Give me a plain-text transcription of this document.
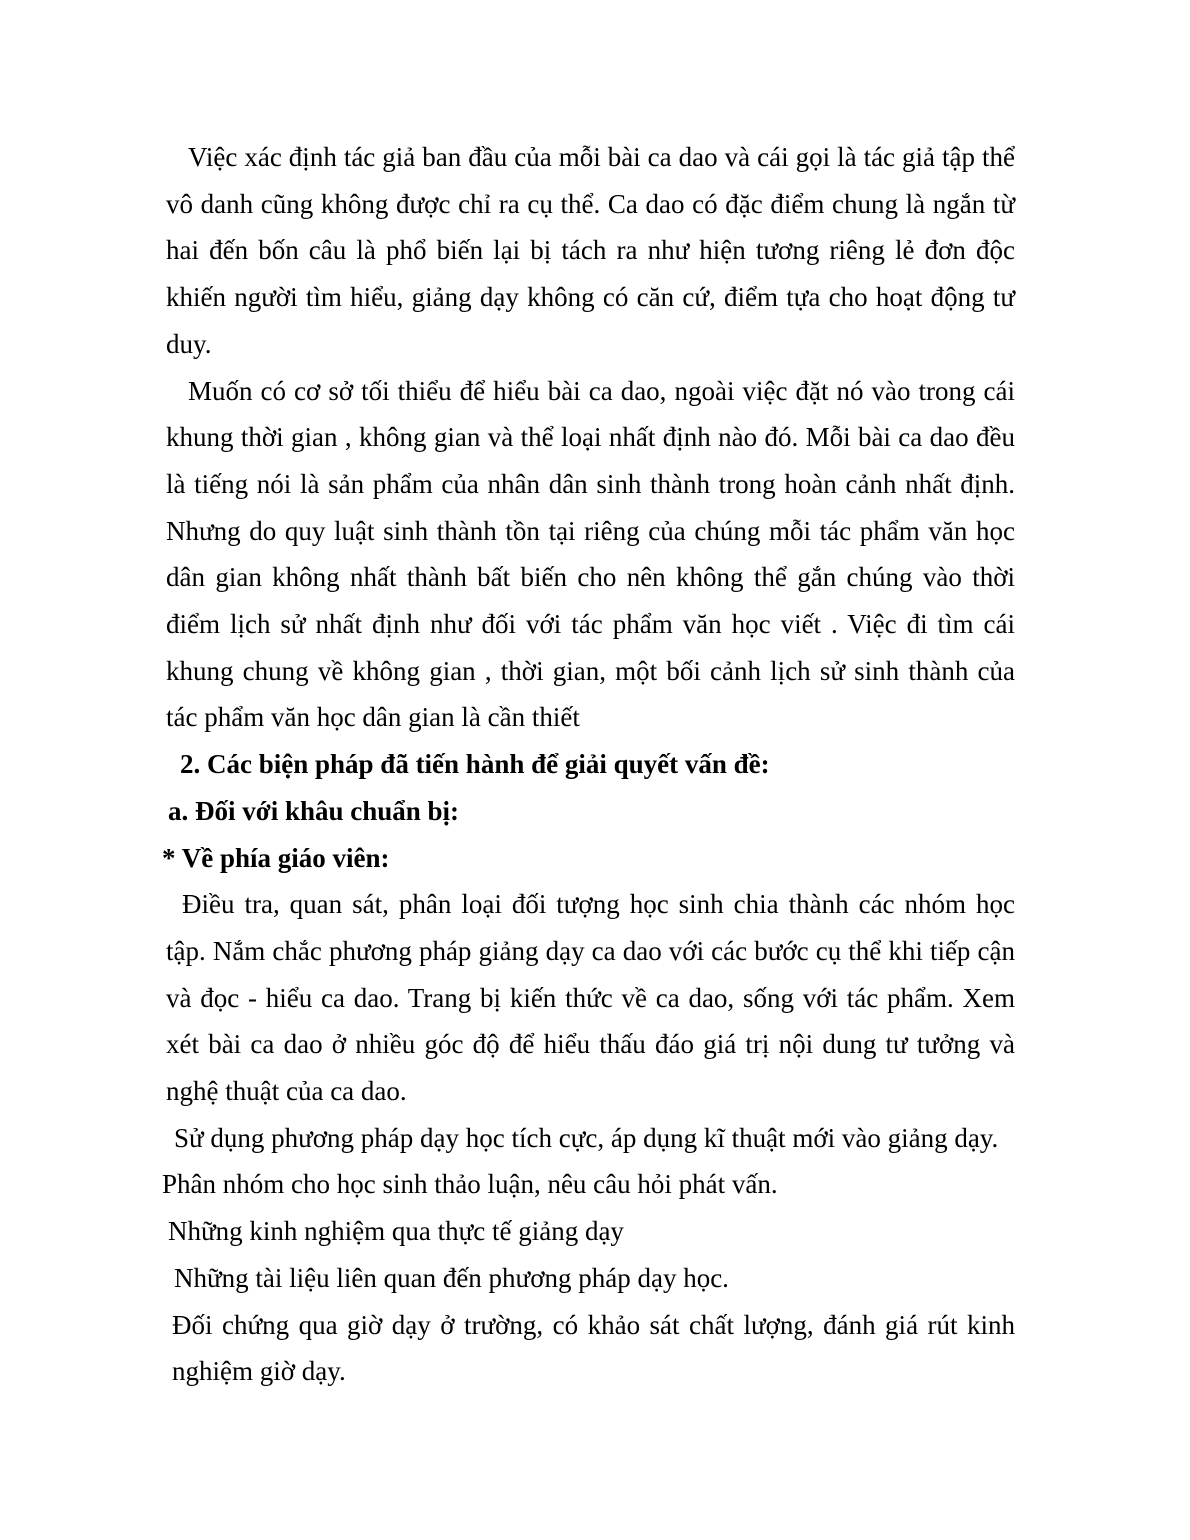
Việc xác định tác giả ban đầu của mỗi bài ca dao và cái gọi là tác giả tập thể vô danh cũng không được chỉ ra cụ thể. Ca dao có đặc điểm chung là ngắn từ hai đến bốn câu là phổ biến lại bị tách ra như hiện tương riêng lẻ đơn độc khiến người tìm hiểu, giảng dạy không có căn cứ, điểm tựa cho hoạt động tư duy.

Muốn có cơ sở tối thiểu để hiểu bài ca dao, ngoài việc đặt nó vào trong cái khung thời gian , không gian và thể loại nhất định nào đó. Mỗi bài ca dao đều là tiếng nói là sản phẩm của nhân dân sinh thành trong hoàn cảnh nhất định. Nhưng do quy luật sinh thành tồn tại riêng của chúng mỗi tác phẩm văn học dân gian không nhất thành bất biến cho nên không thể gắn chúng vào thời điểm lịch sử nhất định như đối với tác phẩm văn học viết . Việc đi tìm cái khung chung về không gian , thời gian, một bối cảnh lịch sử sinh thành của tác phẩm văn học dân gian là cần thiết

2. Các biện pháp đã tiến hành để giải quyết vấn đề:

a. Đối với khâu chuẩn bị:

* Về phía giáo viên:

Điều tra, quan sát, phân loại đối tượng học sinh chia thành các nhóm học tập. Nắm chắc phương pháp giảng dạy ca dao với các bước cụ thể khi tiếp cận và đọc - hiểu ca dao. Trang bị kiến thức về ca dao, sống với tác phẩm. Xem xét bài ca dao ở nhiều góc độ để hiểu thấu đáo giá trị nội dung tư tưởng và nghệ thuật của ca dao.

Sử dụng phương pháp dạy học tích cực, áp dụng kĩ thuật mới vào giảng dạy. Phân nhóm cho học sinh thảo luận, nêu câu hỏi phát vấn.

Những kinh nghiệm qua thực tế giảng dạy

Những tài liệu liên quan đến phương pháp dạy học.

Đối chứng qua giờ dạy ở trường, có khảo sát chất lượng, đánh giá rút kinh nghiệm giờ dạy.
